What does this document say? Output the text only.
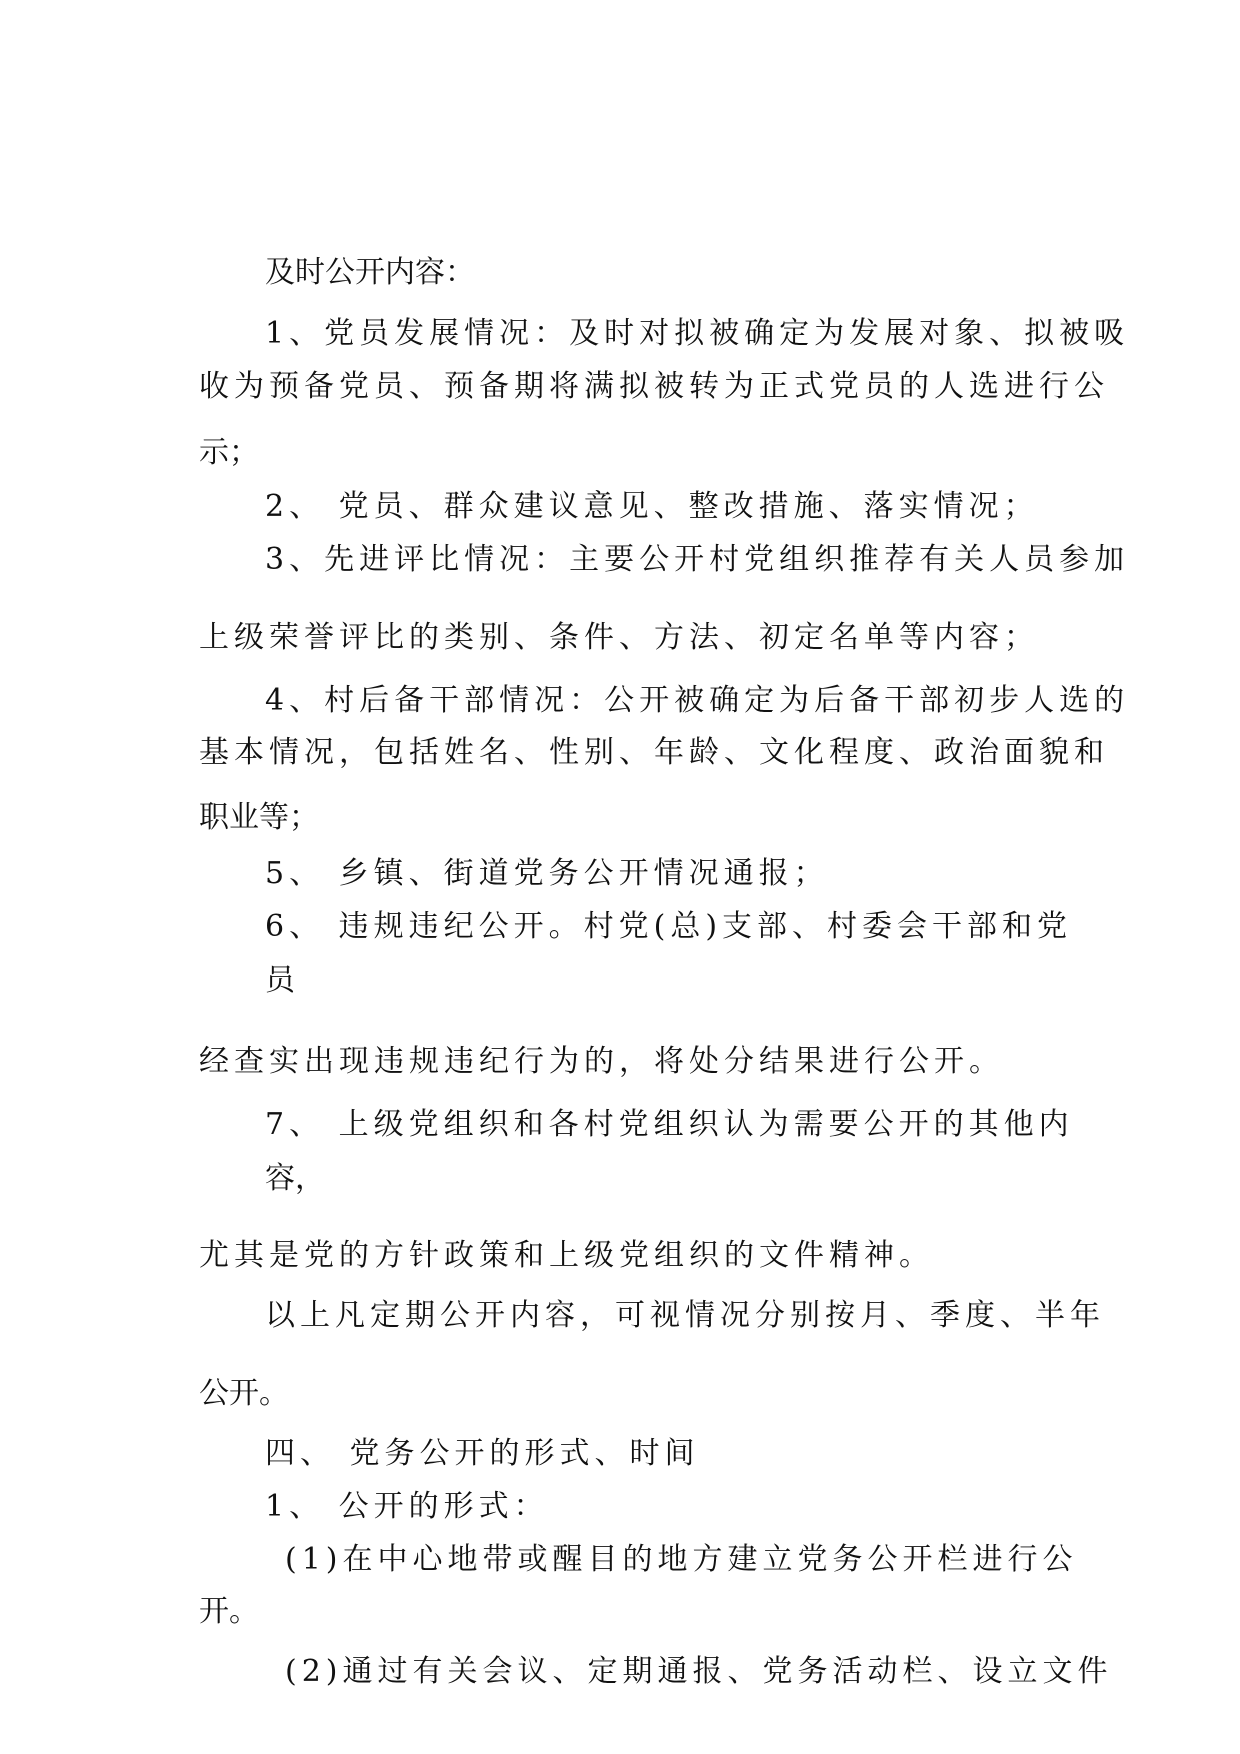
及时公开内容：

1、党员发展情况：及时对拟被确定为发展对象、拟被吸

收为预备党员、预备期将满拟被转为正式党员的人选进行公

示；

2、 党员、群众建议意见、整改措施、落实情况；

3、先进评比情况：主要公开村党组织推荐有关人员参加

上级荣誉评比的类别、条件、方法、初定名单等内容；

4、村后备干部情况：公开被确定为后备干部初步人选的

基本情况，包括姓名、性别、年龄、文化程度、政治面貌和

职业等；

5、 乡镇、街道党务公开情况通报；

6、 违规违纪公开。村党(总)支部、村委会干部和党

员

经查实出现违规违纪行为的，将处分结果进行公开。

7、 上级党组织和各村党组织认为需要公开的其他内

容，

尤其是党的方针政策和上级党组织的文件精神。

以上凡定期公开内容，可视情况分别按月、季度、半年

公开。

四、 党务公开的形式、时间

1、 公开的形式：

(1)在中心地带或醒目的地方建立党务公开栏进行公

开。

(2)通过有关会议、定期通报、党务活动栏、设立文件
